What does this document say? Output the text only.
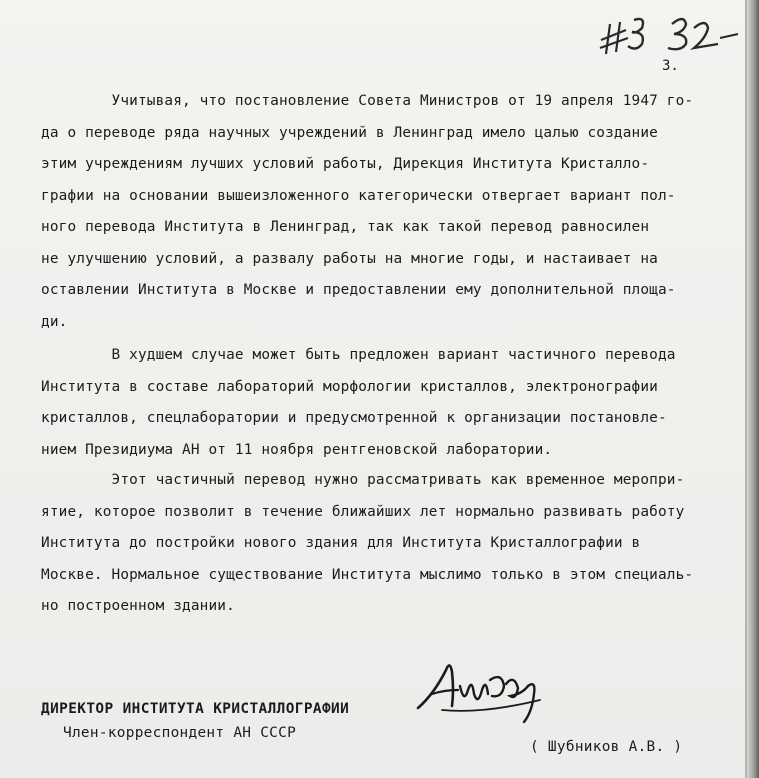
3.
Учитывая, что постановление Совета Министров от 19 апреля 1947 го-
да о переводе ряда научных учреждений в Ленинград имело цалью создание
этим учреждениям лучших условий работы, Дирекция Института Кристалло-
графии на основании вышеизложенного категорически отвергает вариант пол-
ного перевода Института в Ленинград, так как такой перевод равносилен
не улучшению условий, а развалу работы на многие годы, и настаивает на
оставлении Института в Москве и предоставлении ему дополнительной площа-
ди.
В худшем случае может быть предложен вариант частичного перевода
Института в составе лабораторий морфологии кристаллов, электронографии
кристаллов, спецлаборатории и предусмотренной к организации постановле-
нием Президиума АН от 11 ноября рентгеновской лаборатории.
Этот частичный перевод нужно рассматривать как временное меропри-
ятие, которое позволит в течение ближайших лет нормально развивать работу
Института до постройки нового здания для Института Кристаллографии в
Москве. Нормальное существование Института мыслимо только в этом специаль-
но построенном здании.
ДИРЕКТОР ИНСТИТУТА КРИСТАЛЛОГРАФИИ
Член-корреспондент АН СССР
( Шубников А.В. )
